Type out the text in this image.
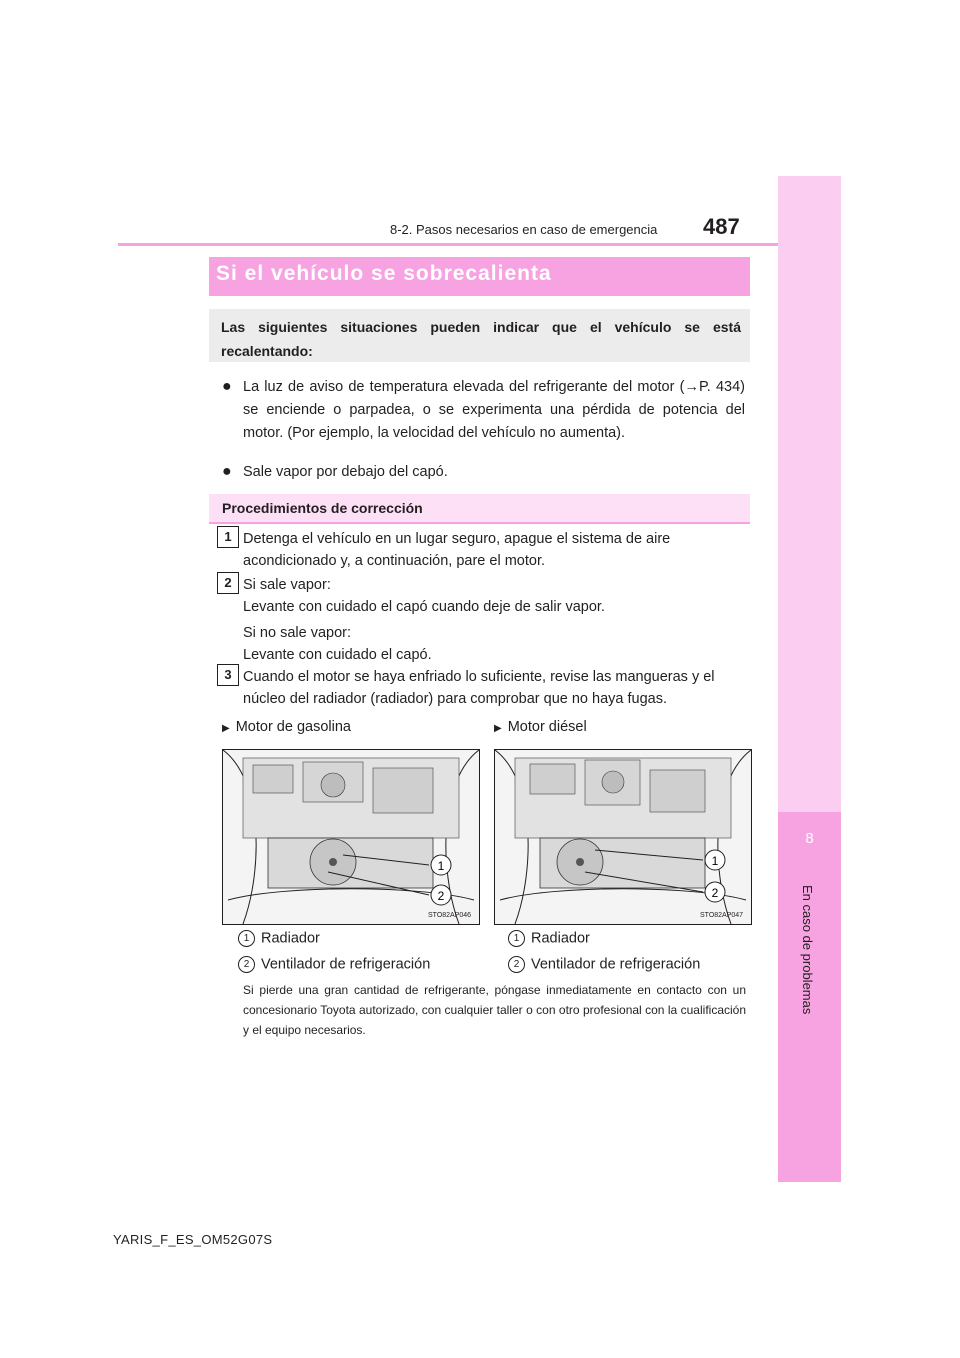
8
En caso de problemas
8-2. Pasos necesarios en caso de emergencia 487
Si el vehículo se sobrecalienta
Las siguientes situaciones pueden indicar que el vehículo se está recalentando:
● La luz de aviso de temperatura elevada del refrigerante del motor (→P. 434) se enciende o parpadea, o se experimenta una pérdida de potencia del motor. (Por ejemplo, la velocidad del vehículo no aumenta).
● Sale vapor por debajo del capó.
Procedimientos de corrección
1 Detenga el vehículo en un lugar seguro, apague el sistema de aire acondicionado y, a continuación, pare el motor.
2 Si sale vapor:
Levante con cuidado el capó cuando deje de salir vapor.
Si no sale vapor:
Levante con cuidado el capó.
3 Cuando el motor se haya enfriado lo suficiente, revise las mangueras y el núcleo del radiador (radiador) para comprobar que no haya fugas.
▶ Motor de gasolina	▶ Motor diésel
1
2
STO82AP046
1
2
STO82AP047
1 Radiador
2 Ventilador de refrigeración
1 Radiador
2 Ventilador de refrigeración
Si pierde una gran cantidad de refrigerante, póngase inmediatamente en contacto con un concesionario Toyota autorizado, con cualquier taller o con otro profesional con la cualificación y el equipo necesarios.
YARIS_F_ES_OM52G07S
